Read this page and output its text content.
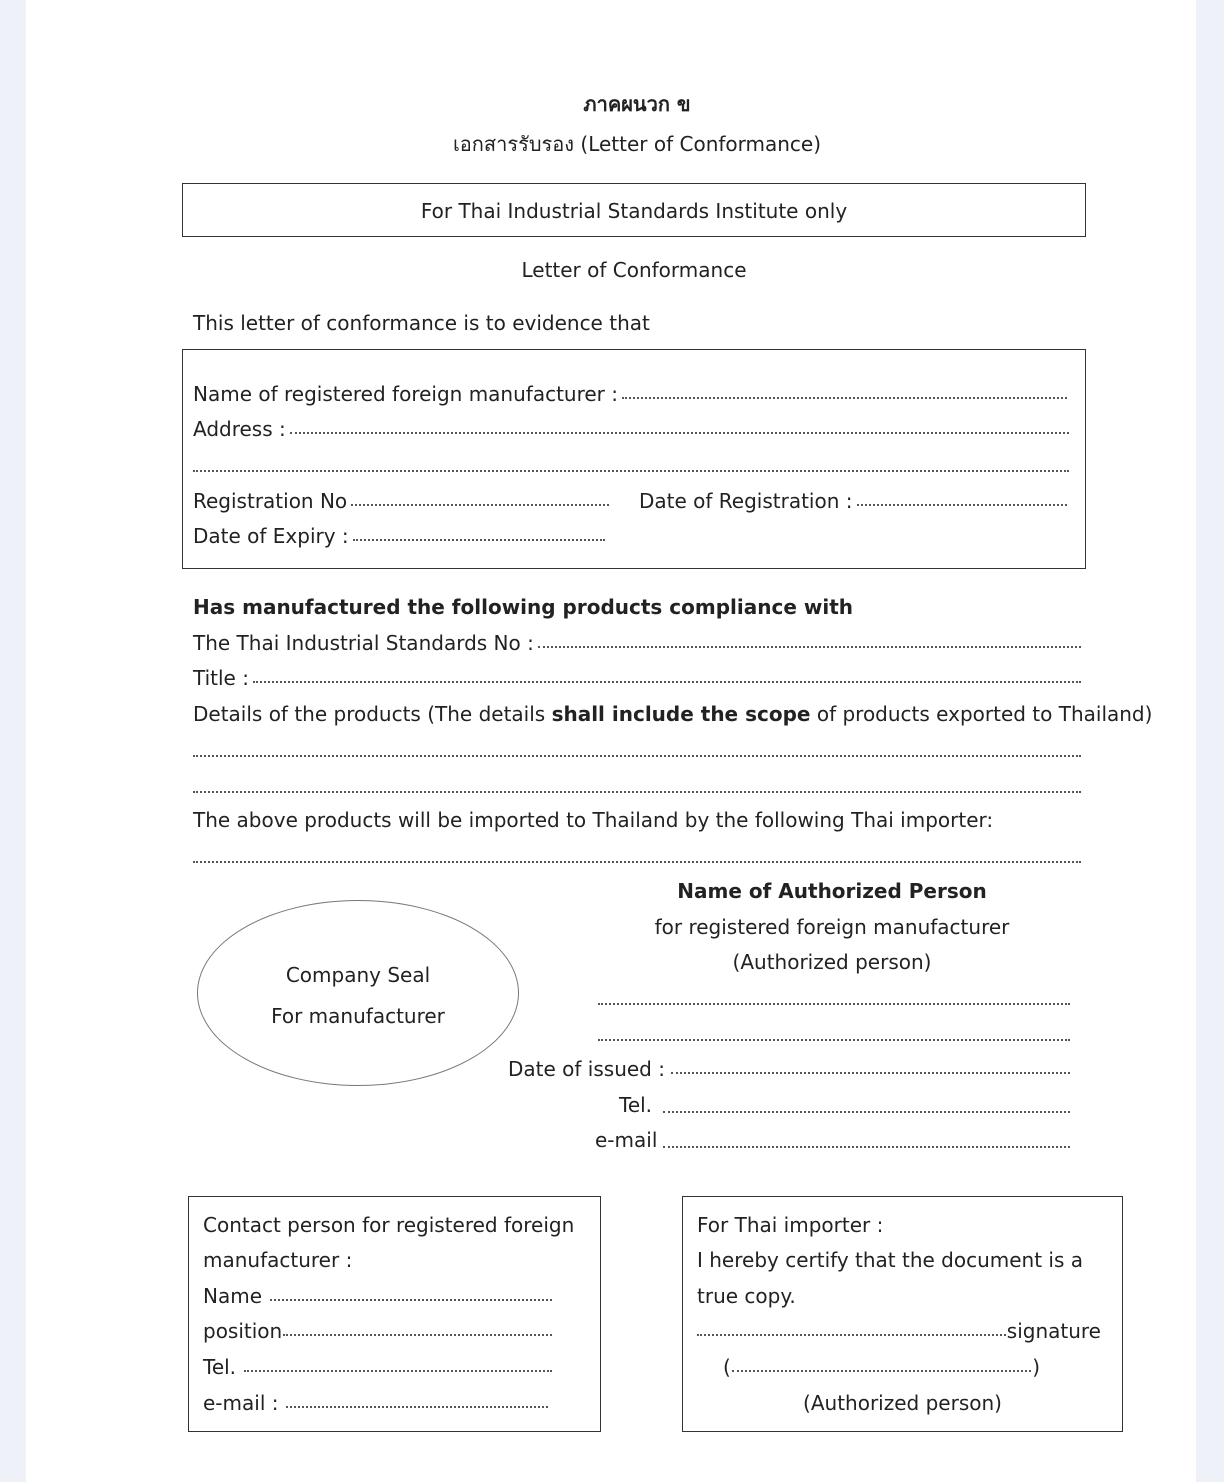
ภาคผนวก ข
เอกสารรับรอง (Letter of Conformance)
For Thai Industrial Standards Institute only
Letter of Conformance
This letter of conformance is to evidence that
Name of registered foreign manufacturer :
Address :
Registration No	Date of Registration :
Date of Expiry :
Has manufactured the following products compliance with
The Thai Industrial Standards No :
Title :
Details of the products (The details shall include the scope of products exported to Thailand)
The above products will be imported to Thailand by the following Thai importer:
Company Seal
For manufacturer
Name of Authorized Person
for registered foreign manufacturer
(Authorized person)
Date of issued :
Tel.
e-mail
Contact person for registered foreign
manufacturer :
Name
position
Tel.
e-mail :
For Thai importer :
I hereby certify that the document is a
true copy.
signature
(	)
(Authorized person)
